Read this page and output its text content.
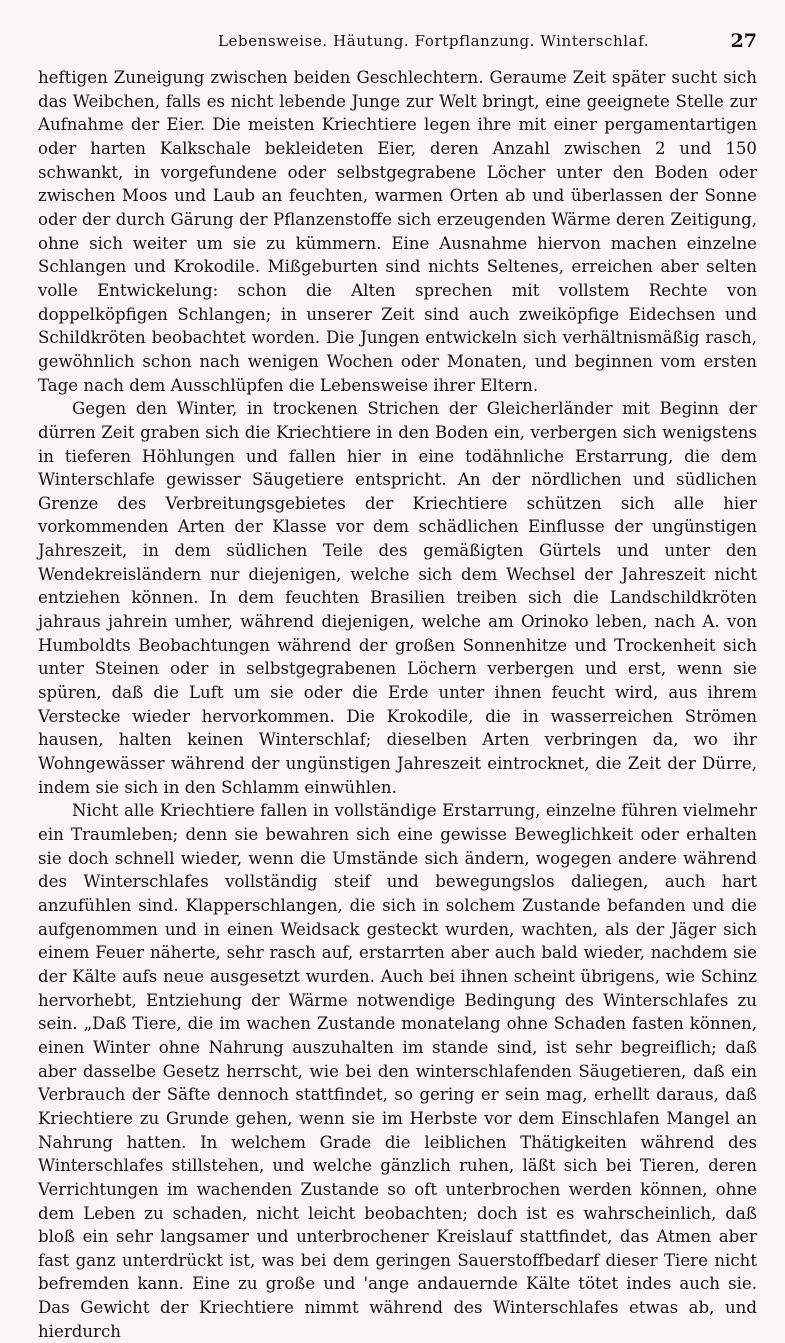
Lebensweise. Häutung. Fortpflanzung. Winterschlaf.	27

heftigen Zuneigung zwischen beiden Geschlechtern. Geraume Zeit später sucht sich das Weibchen, falls es nicht lebende Junge zur Welt bringt, eine geeignete Stelle zur Aufnahme der Eier. Die meisten Kriechtiere legen ihre mit einer pergamentartigen oder harten Kalkschale bekleideten Eier, deren Anzahl zwischen 2 und 150 schwankt, in vorgefundene oder selbstgegrabene Löcher unter den Boden oder zwischen Moos und Laub an feuchten, warmen Orten ab und überlassen der Sonne oder der durch Gärung der Pflanzenstoffe sich erzeugenden Wärme deren Zeitigung, ohne sich weiter um sie zu kümmern. Eine Ausnahme hiervon machen einzelne Schlangen und Krokodile. Mißgeburten sind nichts Seltenes, erreichen aber selten volle Entwickelung: schon die Alten sprechen mit vollstem Rechte von doppelköpfigen Schlangen; in unserer Zeit sind auch zweiköpfige Eidechsen und Schildkröten beobachtet worden. Die Jungen entwickeln sich verhältnismäßig rasch, gewöhnlich schon nach wenigen Wochen oder Monaten, und beginnen vom ersten Tage nach dem Ausschlüpfen die Lebensweise ihrer Eltern.

Gegen den Winter, in trockenen Strichen der Gleicherländer mit Beginn der dürren Zeit graben sich die Kriechtiere in den Boden ein, verbergen sich wenigstens in tieferen Höhlungen und fallen hier in eine todähnliche Erstarrung, die dem Winterschlafe gewisser Säugetiere entspricht. An der nördlichen und südlichen Grenze des Verbreitungsgebietes der Kriechtiere schützen sich alle hier vorkommenden Arten der Klasse vor dem schädlichen Einflusse der ungünstigen Jahreszeit, in dem südlichen Teile des gemäßigten Gürtels und unter den Wendekreisländern nur diejenigen, welche sich dem Wechsel der Jahreszeit nicht entziehen können. In dem feuchten Brasilien treiben sich die Landschildkröten jahraus jahrein umher, während diejenigen, welche am Orinoko leben, nach A. von Humboldts Beobachtungen während der großen Sonnenhitze und Trockenheit sich unter Steinen oder in selbstgegrabenen Löchern verbergen und erst, wenn sie spüren, daß die Luft um sie oder die Erde unter ihnen feucht wird, aus ihrem Verstecke wieder hervorkommen. Die Krokodile, die in wasserreichen Strömen hausen, halten keinen Winterschlaf; dieselben Arten verbringen da, wo ihr Wohngewässer während der ungünstigen Jahreszeit eintrocknet, die Zeit der Dürre, indem sie sich in den Schlamm einwühlen.

Nicht alle Kriechtiere fallen in vollständige Erstarrung, einzelne führen vielmehr ein Traumleben; denn sie bewahren sich eine gewisse Beweglichkeit oder erhalten sie doch schnell wieder, wenn die Umstände sich ändern, wogegen andere während des Winterschlafes vollständig steif und bewegungslos daliegen, auch hart anzufühlen sind. Klapperschlangen, die sich in solchem Zustande befanden und die aufgenommen und in einen Weidsack gesteckt wurden, wachten, als der Jäger sich einem Feuer näherte, sehr rasch auf, erstarrten aber auch bald wieder, nachdem sie der Kälte aufs neue ausgesetzt wurden. Auch bei ihnen scheint übrigens, wie Schinz hervorhebt, Entziehung der Wärme notwendige Bedingung des Winterschlafes zu sein. „Daß Tiere, die im wachen Zustande monatelang ohne Schaden fasten können, einen Winter ohne Nahrung auszuhalten im stande sind, ist sehr begreiflich; daß aber dasselbe Gesetz herrscht, wie bei den winterschlafenden Säugetieren, daß ein Verbrauch der Säfte dennoch stattfindet, so gering er sein mag, erhellt daraus, daß Kriechtiere zu Grunde gehen, wenn sie im Herbste vor dem Einschlafen Mangel an Nahrung hatten. In welchem Grade die leiblichen Thätigkeiten während des Winterschlafes stillstehen, und welche gänzlich ruhen, läßt sich bei Tieren, deren Verrichtungen im wachenden Zustande so oft unterbrochen werden können, ohne dem Leben zu schaden, nicht leicht beobachten; doch ist es wahrscheinlich, daß bloß ein sehr langsamer und unterbrochener Kreislauf stattfindet, das Atmen aber fast ganz unterdrückt ist, was bei dem geringen Sauerstoffbedarf dieser Tiere nicht befremden kann. Eine zu große und 'ange andauernde Kälte tötet indes auch sie. Das Gewicht der Kriechtiere nimmt während des Winterschlafes etwas ab, und hierdurch
